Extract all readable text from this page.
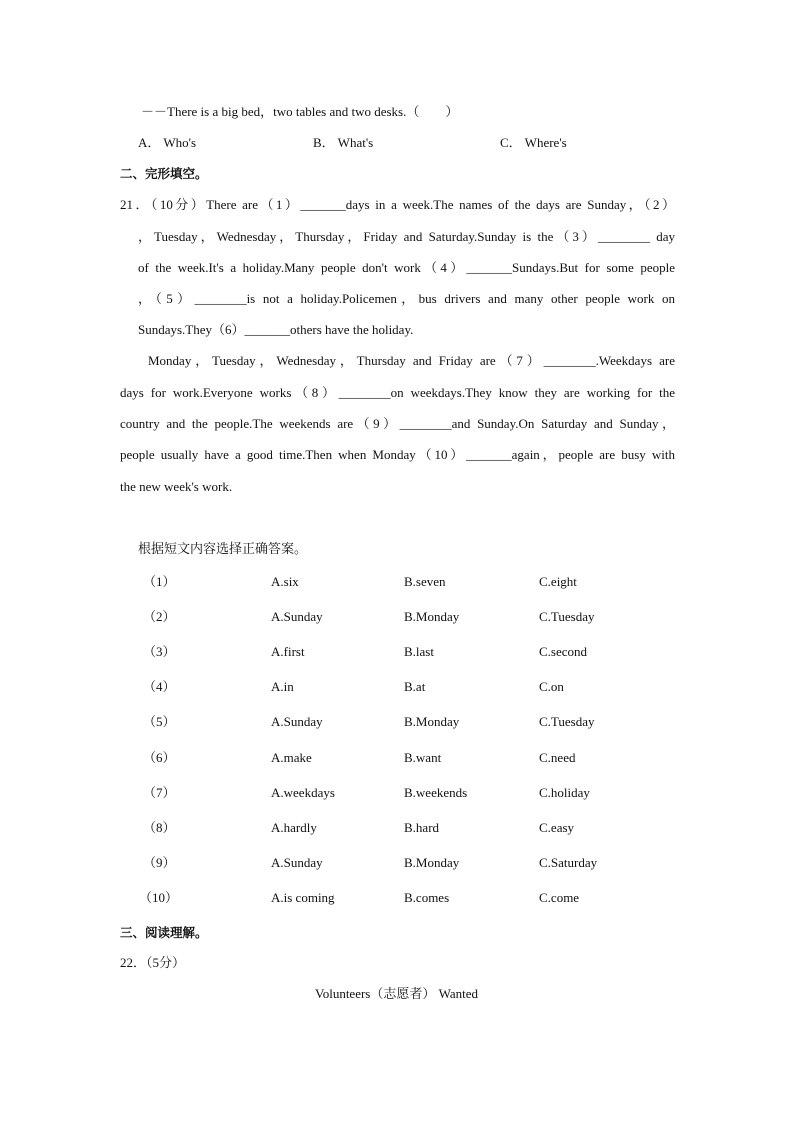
－－There is a big bed，two tables and two desks.（　　）
A． Who's	B． What's	C． Where's
二、完形填空。
21．（10分）There are（1）_______days in a week.The names of the days are Sunday，（2）
，Tuesday，Wednesday，Thursday，Friday and Saturday.Sunday is the（3）________ day
of the week.It's a holiday.Many people don't work（4）_______Sundays.But for some people
，（5）________is not a holiday.Policemen，bus drivers and many other people work on
Sundays.They（6）_______others have the holiday.
Monday，Tuesday，Wednesday，Thursday and Friday are（7）________.Weekdays are
days for work.Everyone works（8）________on weekdays.They know they are working for the
country and the people.The weekends are（9）________and Sunday.On Saturday and Sunday，
people usually have a good time.Then when Monday（10）_______again，people are busy with
the new week's work.
根据短文内容选择正确答案。
（1）	A.six	B.seven	C.eight
（2）	A.Sunday	B.Monday	C.Tuesday
（3）	A.first	B.last	C.second
（4）	A.in	B.at	C.on
（5）	A.Sunday	B.Monday	C.Tuesday
（6）	A.make	B.want	C.need
（7）	A.weekdays	B.weekends	C.holiday
（8）	A.hardly	B.hard	C.easy
（9）	A.Sunday	B.Monday	C.Saturday
（10）	A.is coming	B.comes	C.come
三、阅读理解。
22．（5分）
Volunteers（志愿者） Wanted
